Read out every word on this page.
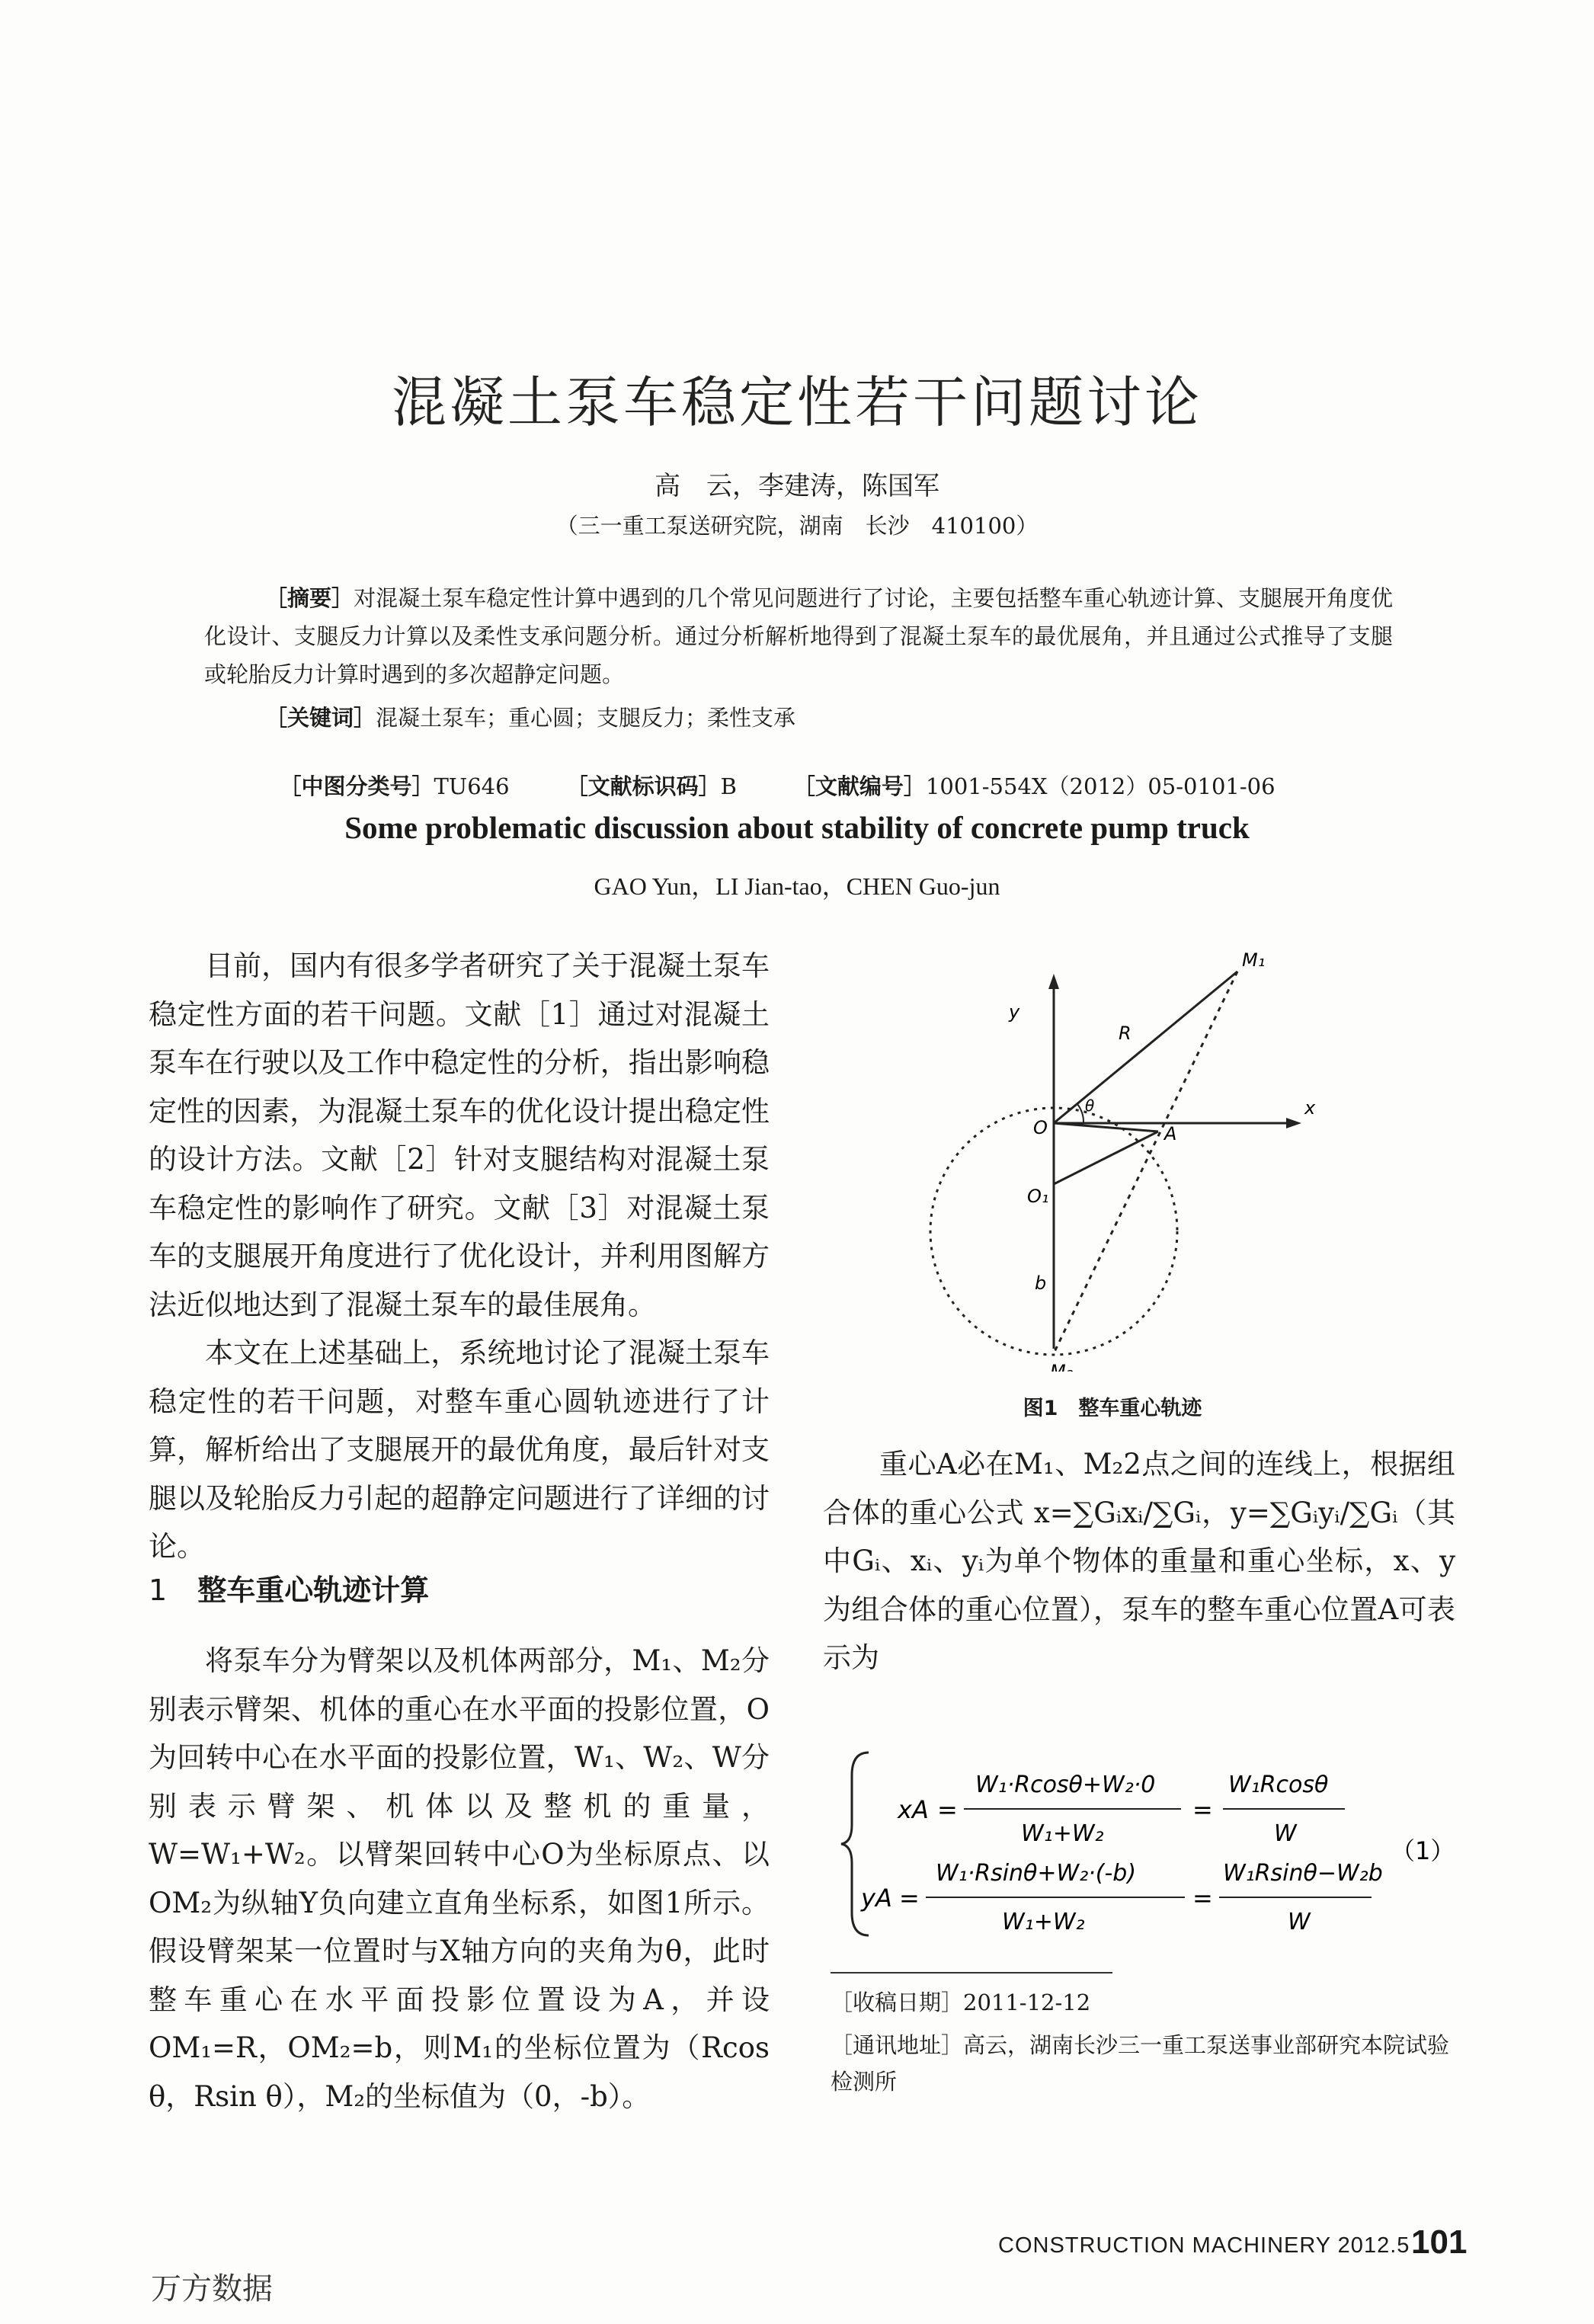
混凝土泵车稳定性若干问题讨论
高　云，李建涛，陈国军
（三一重工泵送研究院，湖南　长沙　410100）

［摘要］对混凝土泵车稳定性计算中遇到的几个常见问题进行了讨论，主要包括整车重心轨迹计算、支腿展开角度优化设计、支腿反力计算以及柔性支承问题分析。通过分析解析地得到了混凝土泵车的最优展角，并且通过公式推导了支腿或轮胎反力计算时遇到的多次超静定问题。

［关键词］混凝土泵车；重心圆；支腿反力；柔性支承

［中图分类号］TU646	［文献标识码］B	［文献编号］1001-554X（2012）05-0101-06

Some problematic discussion about stability of concrete pump truck
GAO Yun，LI Jian-tao，CHEN Guo-jun

目前，国内有很多学者研究了关于混凝土泵车稳定性方面的若干问题。文献［1］通过对混凝土泵车在行驶以及工作中稳定性的分析，指出影响稳定性的因素，为混凝土泵车的优化设计提出稳定性的设计方法。文献［2］针对支腿结构对混凝土泵车稳定性的影响作了研究。文献［3］对混凝土泵车的支腿展开角度进行了优化设计，并利用图解方法近似地达到了混凝土泵车的最佳展角。

本文在上述基础上，系统地讨论了混凝土泵车稳定性的若干问题，对整车重心圆轨迹进行了计算，解析给出了支腿展开的最优角度，最后针对支腿以及轮胎反力引起的超静定问题进行了详细的讨论。

1 整车重心轨迹计算

将泵车分为臂架以及机体两部分，M₁、M₂分别表示臂架、机体的重心在水平面的投影位置，O为回转中心在水平面的投影位置，W₁、W₂、W分别表示臂架、机体以及整机的重量，W=W₁+W₂。以臂架回转中心O为坐标原点、以OM₂为纵轴Y负向建立直角坐标系，如图1所示。假设臂架某一位置时与X轴方向的夹角为θ，此时整车重心在水平面投影位置设为A，并设OM₁=R，OM₂=b，则M₁的坐标位置为（Rcos θ，Rsin θ），M₂的坐标值为（0，-b）。

y
x
M₁
M₂
R
θ
O	A
O₁
b
图1　整车重心轨迹

重心A必在M₁、M₂2点之间的连线上，根据组合体的重心公式 x=∑Gᵢxᵢ/∑Gᵢ，y=∑Gᵢyᵢ/∑Gᵢ（其中Gᵢ、xᵢ、yᵢ为单个物体的重量和重心坐标，x、y为组合体的重心位置），泵车的整车重心位置A可表示为

xA =
W₁·Rcosθ+W₂·0
W₁+W₂
=
W₁Rcosθ
W
yA =
W₁·Rsinθ+W₂·(-b)
W₁+W₂
=
W₁Rsinθ−W₂b
W
（1）
［收稿日期］2011-12-12
［通讯地址］高云，湖南长沙三一重工泵送事业部研究本院试验检测所
CONSTRUCTION MACHINERY 2012.5 101
万方数据
